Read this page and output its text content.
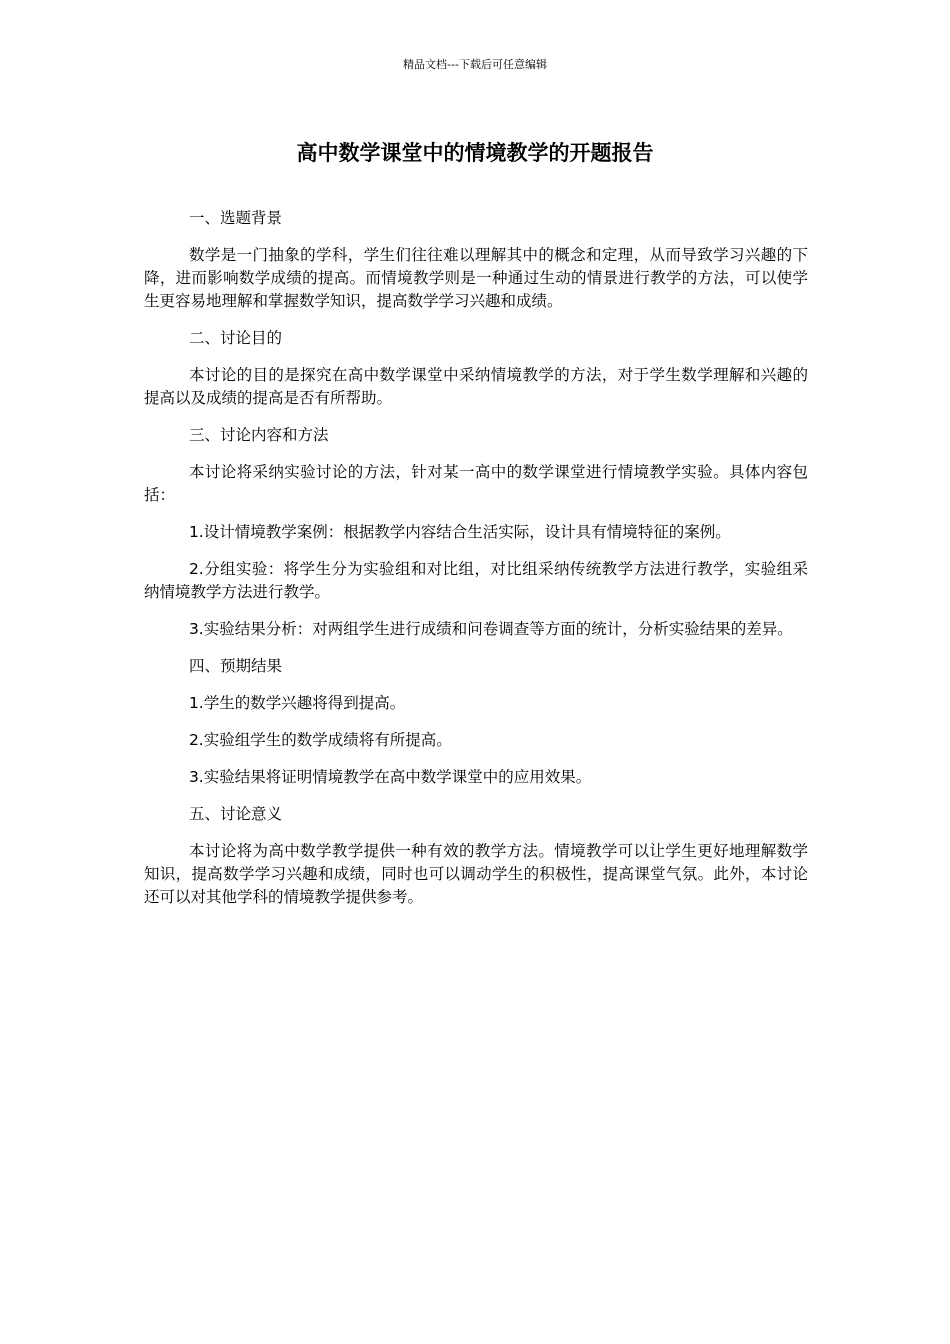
精品文档---下载后可任意编辑
高中数学课堂中的情境教学的开题报告

一、选题背景

数学是一门抽象的学科，学生们往往难以理解其中的概念和定理，从而导致学习兴趣的下降，进而影响数学成绩的提高。而情境教学则是一种通过生动的情景进行教学的方法，可以使学生更容易地理解和掌握数学知识，提高数学学习兴趣和成绩。

二、讨论目的

本讨论的目的是探究在高中数学课堂中采纳情境教学的方法，对于学生数学理解和兴趣的提高以及成绩的提高是否有所帮助。

三、讨论内容和方法

本讨论将采纳实验讨论的方法，针对某一高中的数学课堂进行情境教学实验。具体内容包括：

1.设计情境教学案例：根据教学内容结合生活实际，设计具有情境特征的案例。

2.分组实验：将学生分为实验组和对比组，对比组采纳传统教学方法进行教学，实验组采纳情境教学方法进行教学。

3.实验结果分析：对两组学生进行成绩和问卷调查等方面的统计，分析实验结果的差异。

四、预期结果

1.学生的数学兴趣将得到提高。

2.实验组学生的数学成绩将有所提高。

3.实验结果将证明情境教学在高中数学课堂中的应用效果。

五、讨论意义

本讨论将为高中数学教学提供一种有效的教学方法。情境教学可以让学生更好地理解数学知识，提高数学学习兴趣和成绩，同时也可以调动学生的积极性，提高课堂气氛。此外，本讨论还可以对其他学科的情境教学提供参考。
